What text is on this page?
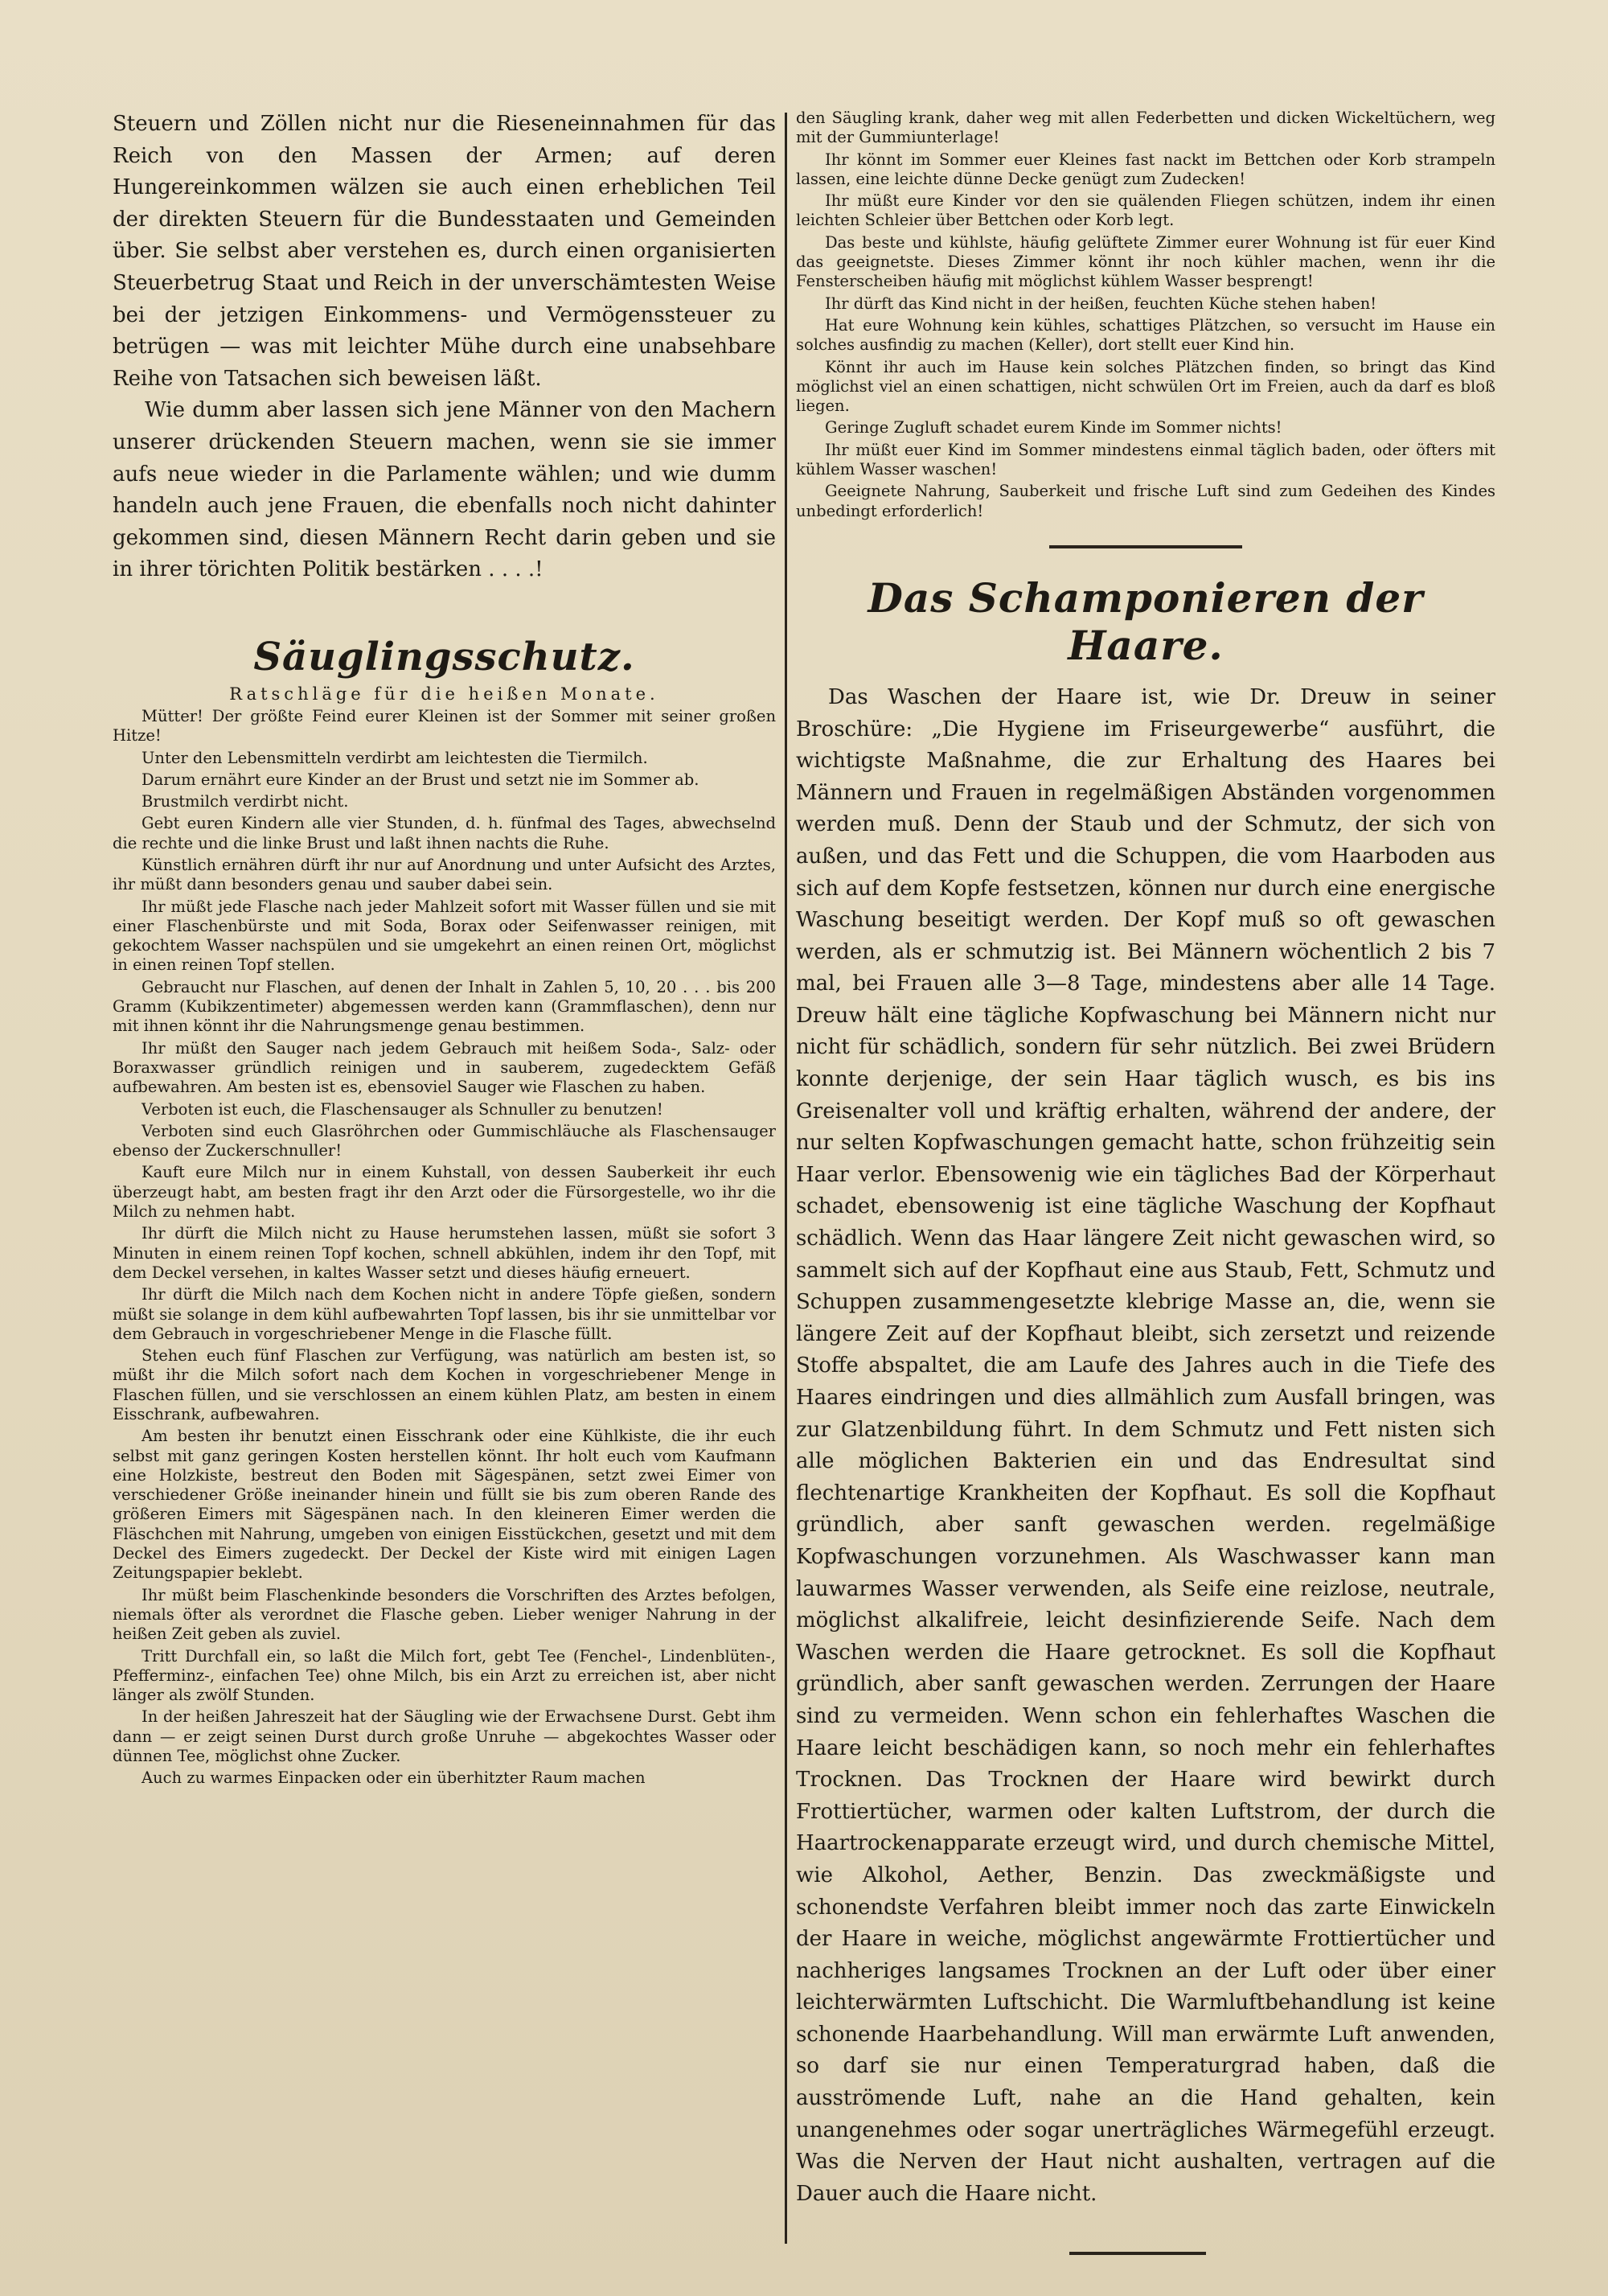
Steuern und Zöllen nicht nur die Rieseneinnahmen für das Reich von den Massen der Armen; auf deren Hungereinkommen wälzen sie auch einen erheblichen Teil der direkten Steuern für die Bundesstaaten und Gemeinden über. Sie selbst aber verstehen es, durch einen organisierten Steuerbetrug Staat und Reich in der unverschämtesten Weise bei der jetzigen Einkommens- und Vermögenssteuer zu betrügen — was mit leichter Mühe durch eine unabsehbare Reihe von Tatsachen sich beweisen läßt.

Wie dumm aber lassen sich jene Männer von den Machern unserer drückenden Steuern machen, wenn sie sie immer aufs neue wieder in die Parlamente wählen; und wie dumm handeln auch jene Frauen, die ebenfalls noch nicht dahinter gekommen sind, diesen Männern Recht darin geben und sie in ihrer törichten Politik bestärken . . . .!

Säuglingsschutz.
Ratschläge für die heißen Monate.

Mütter! Der größte Feind eurer Kleinen ist der Sommer mit seiner großen Hitze!

Unter den Lebensmitteln verdirbt am leichtesten die Tiermilch.

Darum ernährt eure Kinder an der Brust und setzt nie im Sommer ab.

Brustmilch verdirbt nicht.

Gebt euren Kindern alle vier Stunden, d. h. fünfmal des Tages, abwechselnd die rechte und die linke Brust und laßt ihnen nachts die Ruhe.

Künstlich ernähren dürft ihr nur auf Anordnung und unter Aufsicht des Arztes, ihr müßt dann besonders genau und sauber dabei sein.

Ihr müßt jede Flasche nach jeder Mahlzeit sofort mit Wasser füllen und sie mit einer Flaschenbürste und mit Soda, Borax oder Seifenwasser reinigen, mit gekochtem Wasser nachspülen und sie umgekehrt an einen reinen Ort, möglichst in einen reinen Topf stellen.

Gebraucht nur Flaschen, auf denen der Inhalt in Zahlen 5, 10, 20 . . . bis 200 Gramm (Kubikzentimeter) abgemessen werden kann (Grammflaschen), denn nur mit ihnen könnt ihr die Nahrungsmenge genau bestimmen.

Ihr müßt den Sauger nach jedem Gebrauch mit heißem Soda-, Salz- oder Boraxwasser gründlich reinigen und in sauberem, zugedecktem Gefäß aufbewahren. Am besten ist es, ebensoviel Sauger wie Flaschen zu haben.

Verboten ist euch, die Flaschensauger als Schnuller zu benutzen!

Verboten sind euch Glasröhrchen oder Gummischläuche als Flaschensauger ebenso der Zuckerschnuller!

Kauft eure Milch nur in einem Kuhstall, von dessen Sauberkeit ihr euch überzeugt habt, am besten fragt ihr den Arzt oder die Fürsorgestelle, wo ihr die Milch zu nehmen habt.

Ihr dürft die Milch nicht zu Hause herumstehen lassen, müßt sie sofort 3 Minuten in einem reinen Topf kochen, schnell abkühlen, indem ihr den Topf, mit dem Deckel versehen, in kaltes Wasser setzt und dieses häufig erneuert.

Ihr dürft die Milch nach dem Kochen nicht in andere Töpfe gießen, sondern müßt sie solange in dem kühl aufbewahrten Topf lassen, bis ihr sie unmittelbar vor dem Gebrauch in vorgeschriebener Menge in die Flasche füllt.

Stehen euch fünf Flaschen zur Verfügung, was natürlich am besten ist, so müßt ihr die Milch sofort nach dem Kochen in vorgeschriebener Menge in Flaschen füllen, und sie verschlossen an einem kühlen Platz, am besten in einem Eisschrank, aufbewahren.

Am besten ihr benutzt einen Eisschrank oder eine Kühlkiste, die ihr euch selbst mit ganz geringen Kosten herstellen könnt. Ihr holt euch vom Kaufmann eine Holzkiste, bestreut den Boden mit Sägespänen, setzt zwei Eimer von verschiedener Größe ineinander hinein und füllt sie bis zum oberen Rande des größeren Eimers mit Sägespänen nach. In den kleineren Eimer werden die Fläschchen mit Nahrung, umgeben von einigen Eisstückchen, gesetzt und mit dem Deckel des Eimers zugedeckt. Der Deckel der Kiste wird mit einigen Lagen Zeitungspapier beklebt.

Ihr müßt beim Flaschenkinde besonders die Vorschriften des Arztes befolgen, niemals öfter als verordnet die Flasche geben. Lieber weniger Nahrung in der heißen Zeit geben als zuviel.

Tritt Durchfall ein, so laßt die Milch fort, gebt Tee (Fenchel-, Lindenblüten-, Pfefferminz-, einfachen Tee) ohne Milch, bis ein Arzt zu erreichen ist, aber nicht länger als zwölf Stunden.

In der heißen Jahreszeit hat der Säugling wie der Erwachsene Durst. Gebt ihm dann — er zeigt seinen Durst durch große Unruhe — abgekochtes Wasser oder dünnen Tee, möglichst ohne Zucker.

Auch zu warmes Einpacken oder ein überhitzter Raum machen

den Säugling krank, daher weg mit allen Federbetten und dicken Wickeltüchern, weg mit der Gummiunterlage!

Ihr könnt im Sommer euer Kleines fast nackt im Bettchen oder Korb strampeln lassen, eine leichte dünne Decke genügt zum Zudecken!

Ihr müßt eure Kinder vor den sie quälenden Fliegen schützen, indem ihr einen leichten Schleier über Bettchen oder Korb legt.

Das beste und kühlste, häufig gelüftete Zimmer eurer Wohnung ist für euer Kind das geeignetste. Dieses Zimmer könnt ihr noch kühler machen, wenn ihr die Fensterscheiben häufig mit möglichst kühlem Wasser besprengt!

Ihr dürft das Kind nicht in der heißen, feuchten Küche stehen haben!

Hat eure Wohnung kein kühles, schattiges Plätzchen, so versucht im Hause ein solches ausfindig zu machen (Keller), dort stellt euer Kind hin.

Könnt ihr auch im Hause kein solches Plätzchen finden, so bringt das Kind möglichst viel an einen schattigen, nicht schwülen Ort im Freien, auch da darf es bloß liegen.

Geringe Zugluft schadet eurem Kinde im Sommer nichts!

Ihr müßt euer Kind im Sommer mindestens einmal täglich baden, oder öfters mit kühlem Wasser waschen!

Geeignete Nahrung, Sauberkeit und frische Luft sind zum Gedeihen des Kindes unbedingt erforderlich!

Das Schamponieren der Haare.

Das Waschen der Haare ist, wie Dr. Dreuw in seiner Broschüre: „Die Hygiene im Friseurgewerbe“ ausführt, die wichtigste Maßnahme, die zur Erhaltung des Haares bei Männern und Frauen in regelmäßigen Abständen vorgenommen werden muß. Denn der Staub und der Schmutz, der sich von außen, und das Fett und die Schuppen, die vom Haarboden aus sich auf dem Kopfe festsetzen, können nur durch eine energische Waschung beseitigt werden. Der Kopf muß so oft gewaschen werden, als er schmutzig ist. Bei Männern wöchentlich 2 bis 7 mal, bei Frauen alle 3—8 Tage, mindestens aber alle 14 Tage. Dreuw hält eine tägliche Kopfwaschung bei Männern nicht nur nicht für schädlich, sondern für sehr nützlich. Bei zwei Brüdern konnte derjenige, der sein Haar täglich wusch, es bis ins Greisenalter voll und kräftig erhalten, während der andere, der nur selten Kopfwaschungen gemacht hatte, schon frühzeitig sein Haar verlor. Ebensowenig wie ein tägliches Bad der Körperhaut schadet, ebensowenig ist eine tägliche Waschung der Kopfhaut schädlich. Wenn das Haar längere Zeit nicht gewaschen wird, so sammelt sich auf der Kopfhaut eine aus Staub, Fett, Schmutz und Schuppen zusammengesetzte klebrige Masse an, die, wenn sie längere Zeit auf der Kopfhaut bleibt, sich zersetzt und reizende Stoffe abspaltet, die am Laufe des Jahres auch in die Tiefe des Haares eindringen und dies allmählich zum Ausfall bringen, was zur Glatzenbildung führt. In dem Schmutz und Fett nisten sich alle möglichen Bakterien ein und das Endresultat sind flechtenartige Krankheiten der Kopfhaut. Es soll die Kopfhaut gründlich, aber sanft gewaschen werden. regelmäßige Kopfwaschungen vorzunehmen. Als Waschwasser kann man lauwarmes Wasser verwenden, als Seife eine reizlose, neutrale, möglichst alkalifreie, leicht desinfizierende Seife. Nach dem Waschen werden die Haare getrocknet. Es soll die Kopfhaut gründlich, aber sanft gewaschen werden. Zerrungen der Haare sind zu vermeiden. Wenn schon ein fehlerhaftes Waschen die Haare leicht beschädigen kann, so noch mehr ein fehlerhaftes Trocknen. Das Trocknen der Haare wird bewirkt durch Frottiertücher, warmen oder kalten Luftstrom, der durch die Haartrockenapparate erzeugt wird, und durch chemische Mittel, wie Alkohol, Aether, Benzin. Das zweckmäßigste und schonendste Verfahren bleibt immer noch das zarte Einwickeln der Haare in weiche, möglichst angewärmte Frottiertücher und nachheriges langsames Trocknen an der Luft oder über einer leichterwärmten Luftschicht. Die Warmluftbehandlung ist keine schonende Haarbehandlung. Will man erwärmte Luft anwenden, so darf sie nur einen Temperaturgrad haben, daß die ausströmende Luft, nahe an die Hand gehalten, kein unangenehmes oder sogar unerträgliches Wärmegefühl erzeugt. Was die Nerven der Haut nicht aushalten, vertragen auf die Dauer auch die Haare nicht.
